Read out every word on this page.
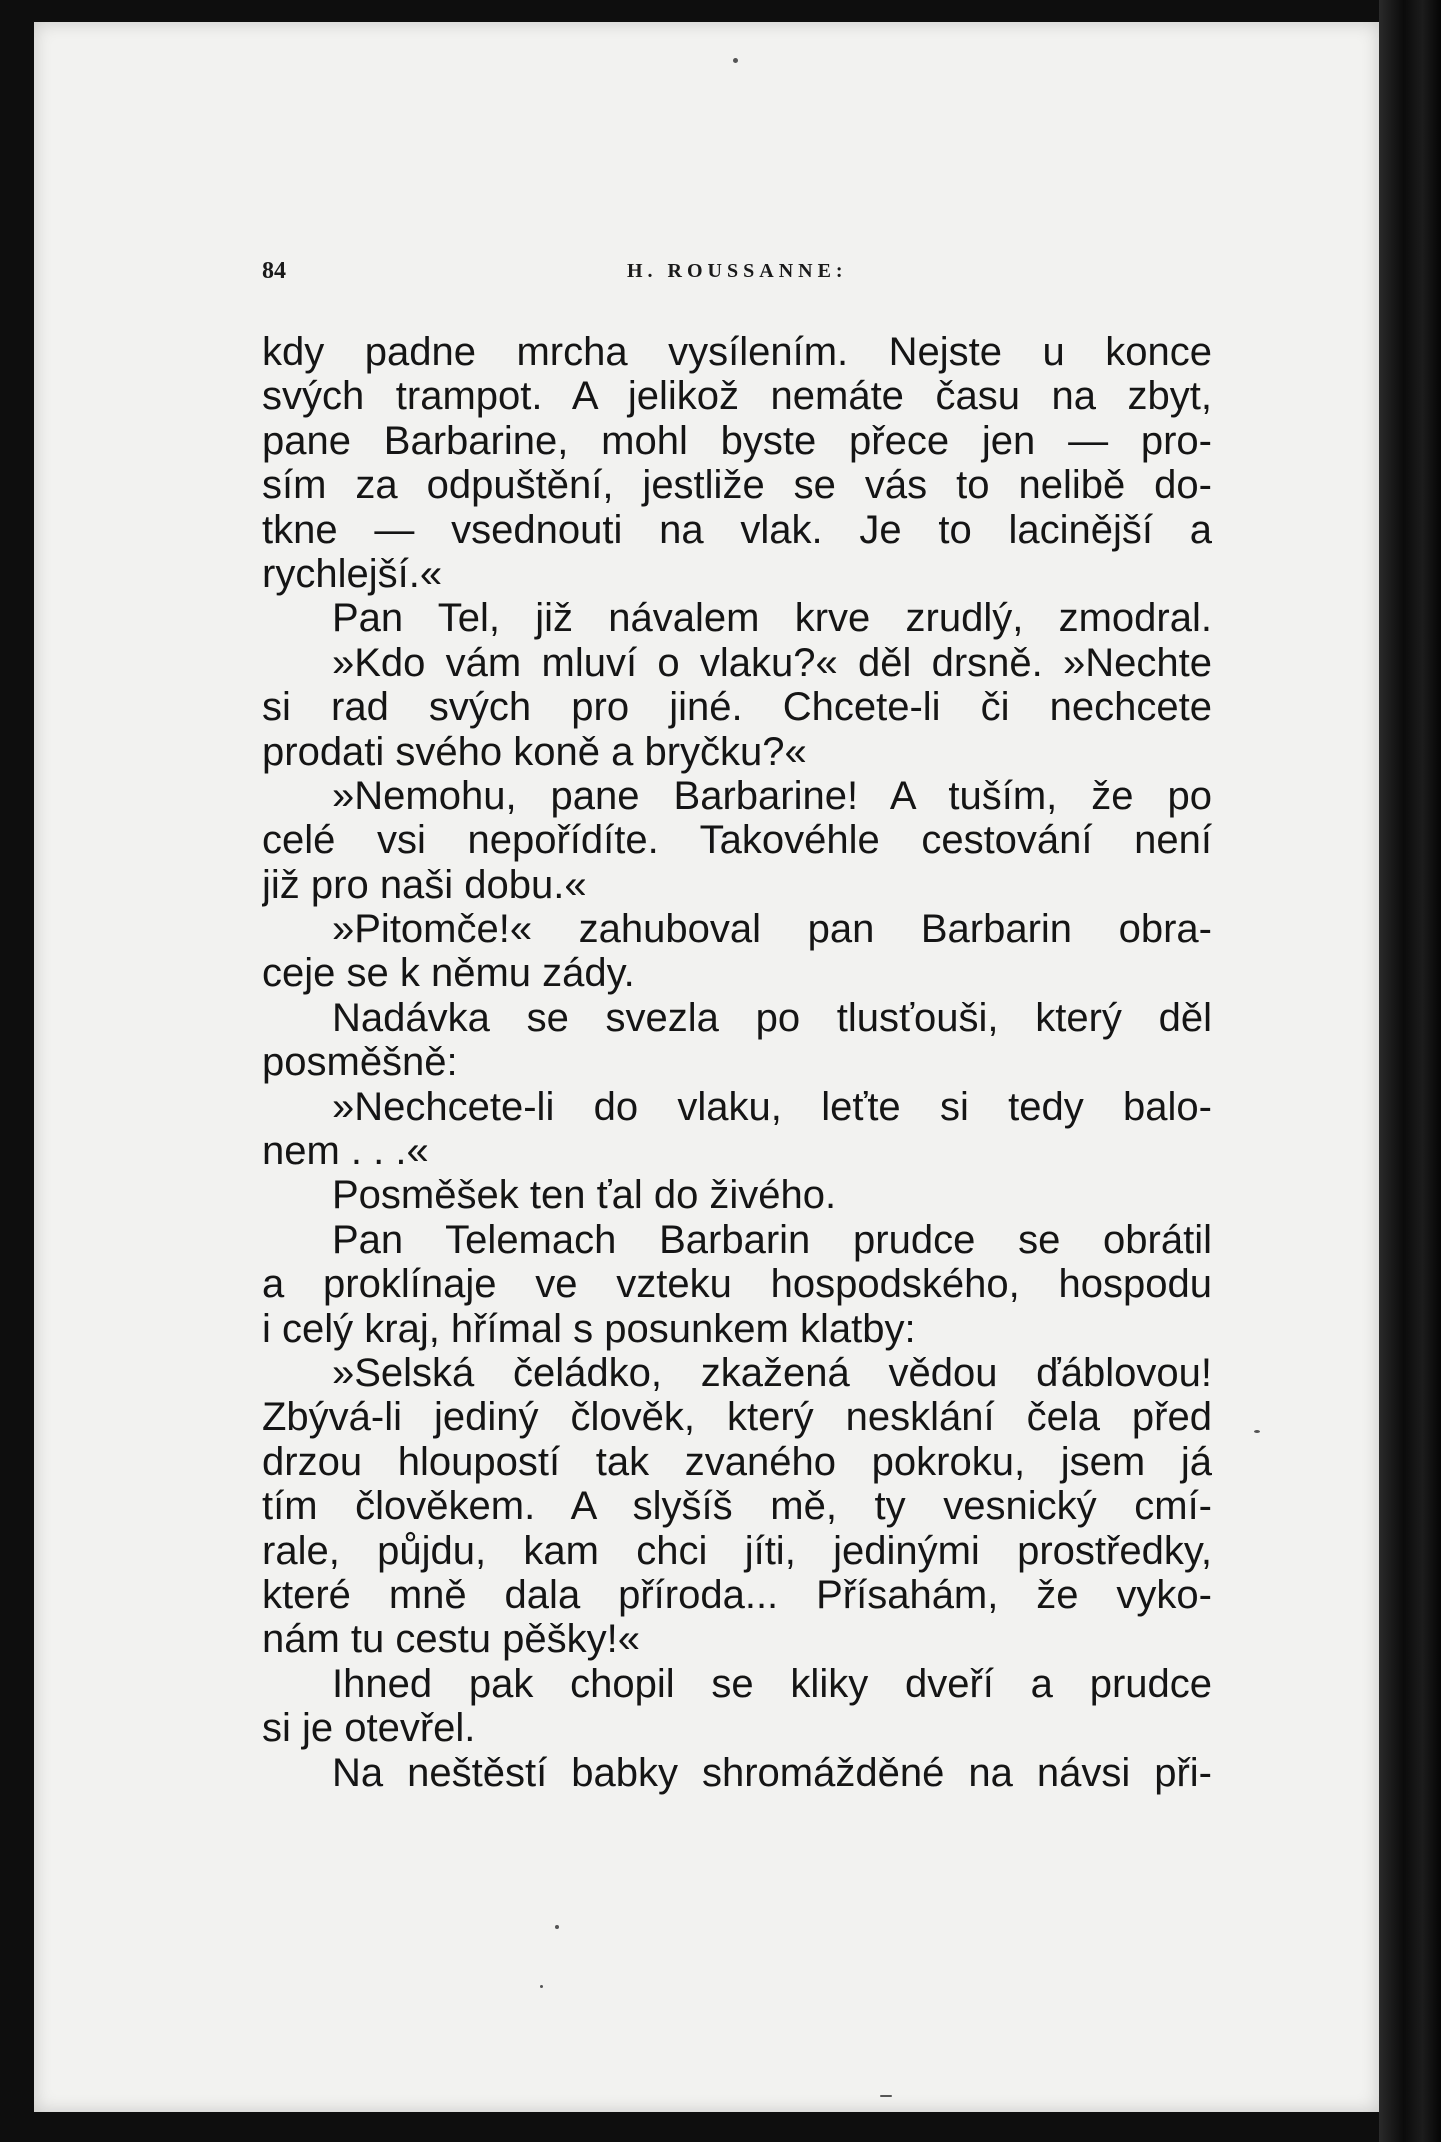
84	H. ROUSSANNE:
kdy padne mrcha vysílením. Nejste u konce
svých trampot. A jelikož nemáte času na zbyt,
pane Barbarine, mohl byste přece jen — pro-
sím za odpuštění, jestliže se vás to nelibě do-
tkne — vsednouti na vlak. Je to lacinější a
rychlejší.«
Pan Tel, již návalem krve zrudlý, zmodral.
»Kdo vám mluví o vlaku?« děl drsně. »Nechte
si rad svých pro jiné. Chcete-li či nechcete
prodati svého koně a bryčku?«
»Nemohu, pane Barbarine! A tuším, že po
celé vsi nepořídíte. Takovéhle cestování není
již pro naši dobu.«
»Pitomče!« zahuboval pan Barbarin obra-
ceje se k němu zády.
Nadávka se svezla po tlusťouši, který děl
posměšně:
»Nechcete-li do vlaku, leťte si tedy balo-
nem . . .«
Posměšek ten ťal do živého.
Pan Telemach Barbarin prudce se obrátil
a proklínaje ve vzteku hospodského, hospodu
i celý kraj, hřímal s posunkem klatby:
»Selská čeládko, zkažená vědou ďáblovou!
Zbývá-li jediný člověk, který nesklání čela před
drzou hloupostí tak zvaného pokroku, jsem já
tím člověkem. A slyšíš mě, ty vesnický cmí-
rale, půjdu, kam chci jíti, jedinými prostředky,
které mně dala příroda... Přísahám, že vyko-
nám tu cestu pěšky!«
Ihned pak chopil se kliky dveří a prudce
si je otevřel.
Na neštěstí babky shromážděné na návsi při-
